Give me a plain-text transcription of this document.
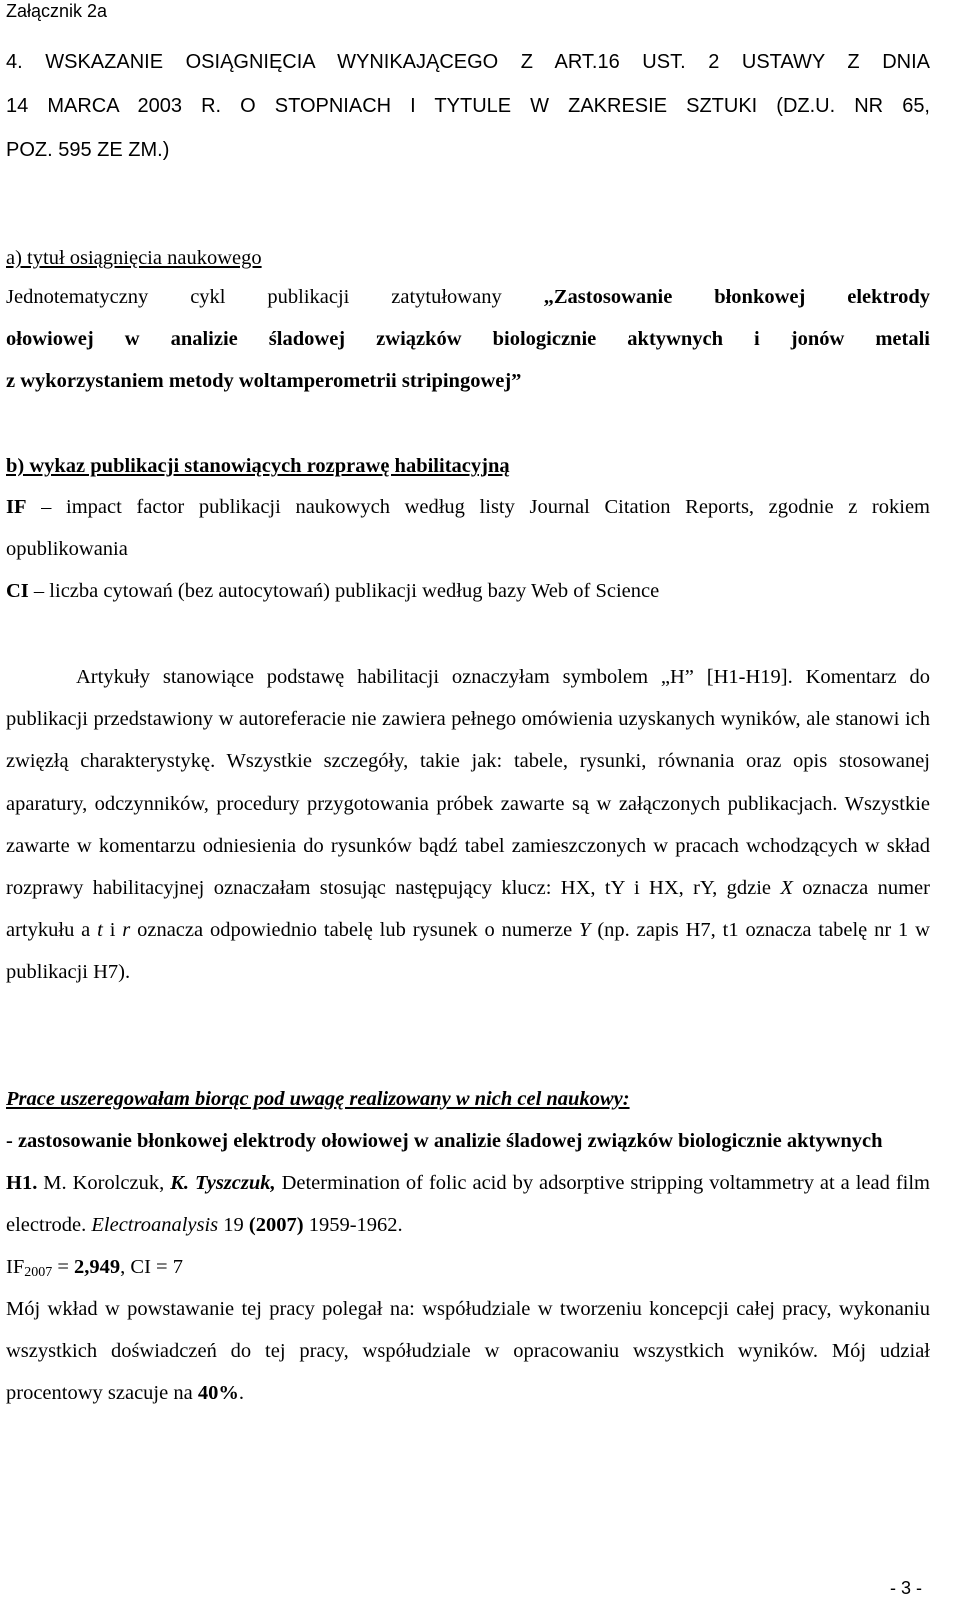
Załącznik 2a
4. WSKAZANIE OSIĄGNIĘCIA WYNIKAJĄCEGO Z ART.16 UST. 2 USTAWY Z DNIA
14 MARCA 2003 R. O STOPNIACH I TYTULE W ZAKRESIE SZTUKI (DZ.U. NR 65,
POZ. 595 ZE ZM.)
a) tytuł osiągnięcia naukowego
Jednotematyczny cykl publikacji zatytułowany „Zastosowanie błonkowej elektrody
ołowiowej w analizie śladowej związków biologicznie aktywnych i jonów metali
z wykorzystaniem metody woltamperometrii stripingowej”
b) wykaz publikacji stanowiących rozprawę habilitacyjną

IF – impact factor publikacji naukowych według listy Journal Citation Reports, zgodnie z rokiem opublikowania

CI – liczba cytowań (bez autocytowań) publikacji według bazy Web of Science

Artykuły stanowiące podstawę habilitacji oznaczyłam symbolem „H” [H1-H19]. Komentarz do publikacji przedstawiony w autoreferacie nie zawiera pełnego omówienia uzyskanych wyników, ale stanowi ich zwięzłą charakterystykę. Wszystkie szczegóły, takie jak: tabele, rysunki, równania oraz opis stosowanej aparatury, odczynników, procedury przygotowania próbek zawarte są w załączonych publikacjach. Wszystkie zawarte w komentarzu odniesienia do rysunków bądź tabel zamieszczonych w pracach wchodzących w skład rozprawy habilitacyjnej oznaczałam stosując następujący klucz: HX, tY i HX, rY, gdzie X oznacza numer artykułu a t i r oznacza odpowiednio tabelę lub rysunek o numerze Y (np. zapis H7, t1 oznacza tabelę nr 1 w publikacji H7).

Prace uszeregowałam biorąc pod uwagę realizowany w nich cel naukowy:

- zastosowanie błonkowej elektrody ołowiowej w analizie śladowej związków biologicznie aktywnych

H1. M. Korolczuk, K. Tyszczuk, Determination of folic acid by adsorptive stripping voltammetry at a lead film electrode. Electroanalysis 19 (2007) 1959-1962.

$IF_{2007} = 2,949$, CI = 7

Mój wkład w powstawanie tej pracy polegał na: współudziale w tworzeniu koncepcji całej pracy, wykonaniu wszystkich doświadczeń do tej pracy, współudziale w opracowaniu wszystkich wyników. Mój udział procentowy szacuje na 40%.

- 3 -
